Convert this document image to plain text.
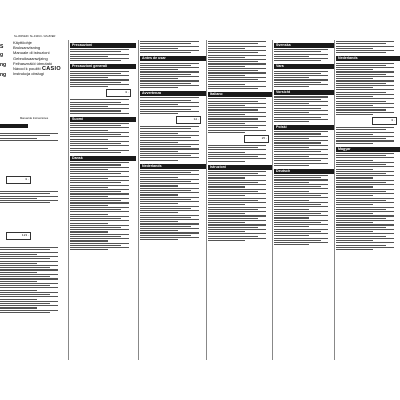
SL-300VER / SL-310UC / HS-8VER
Käyttöohje
Bruksanvisning
Manuale di istruzioni
Gebruiksaanwijzing
Felhasználói útmutató
Návod k použití
Instrukcja obsługi
S
g
ng
ng
CASIO
Manual de Instrucciones
0.
123.
Precauzioni
Precauzioni generali
0.
Suomi
Dansk
Antes de usar
Avvertenza
12.
Nederlands
Italiano
25.
Istruzioni
Svenska
Vara
Vorsicht
Polski
Deutsch
Nederlands
0.
Magyar
